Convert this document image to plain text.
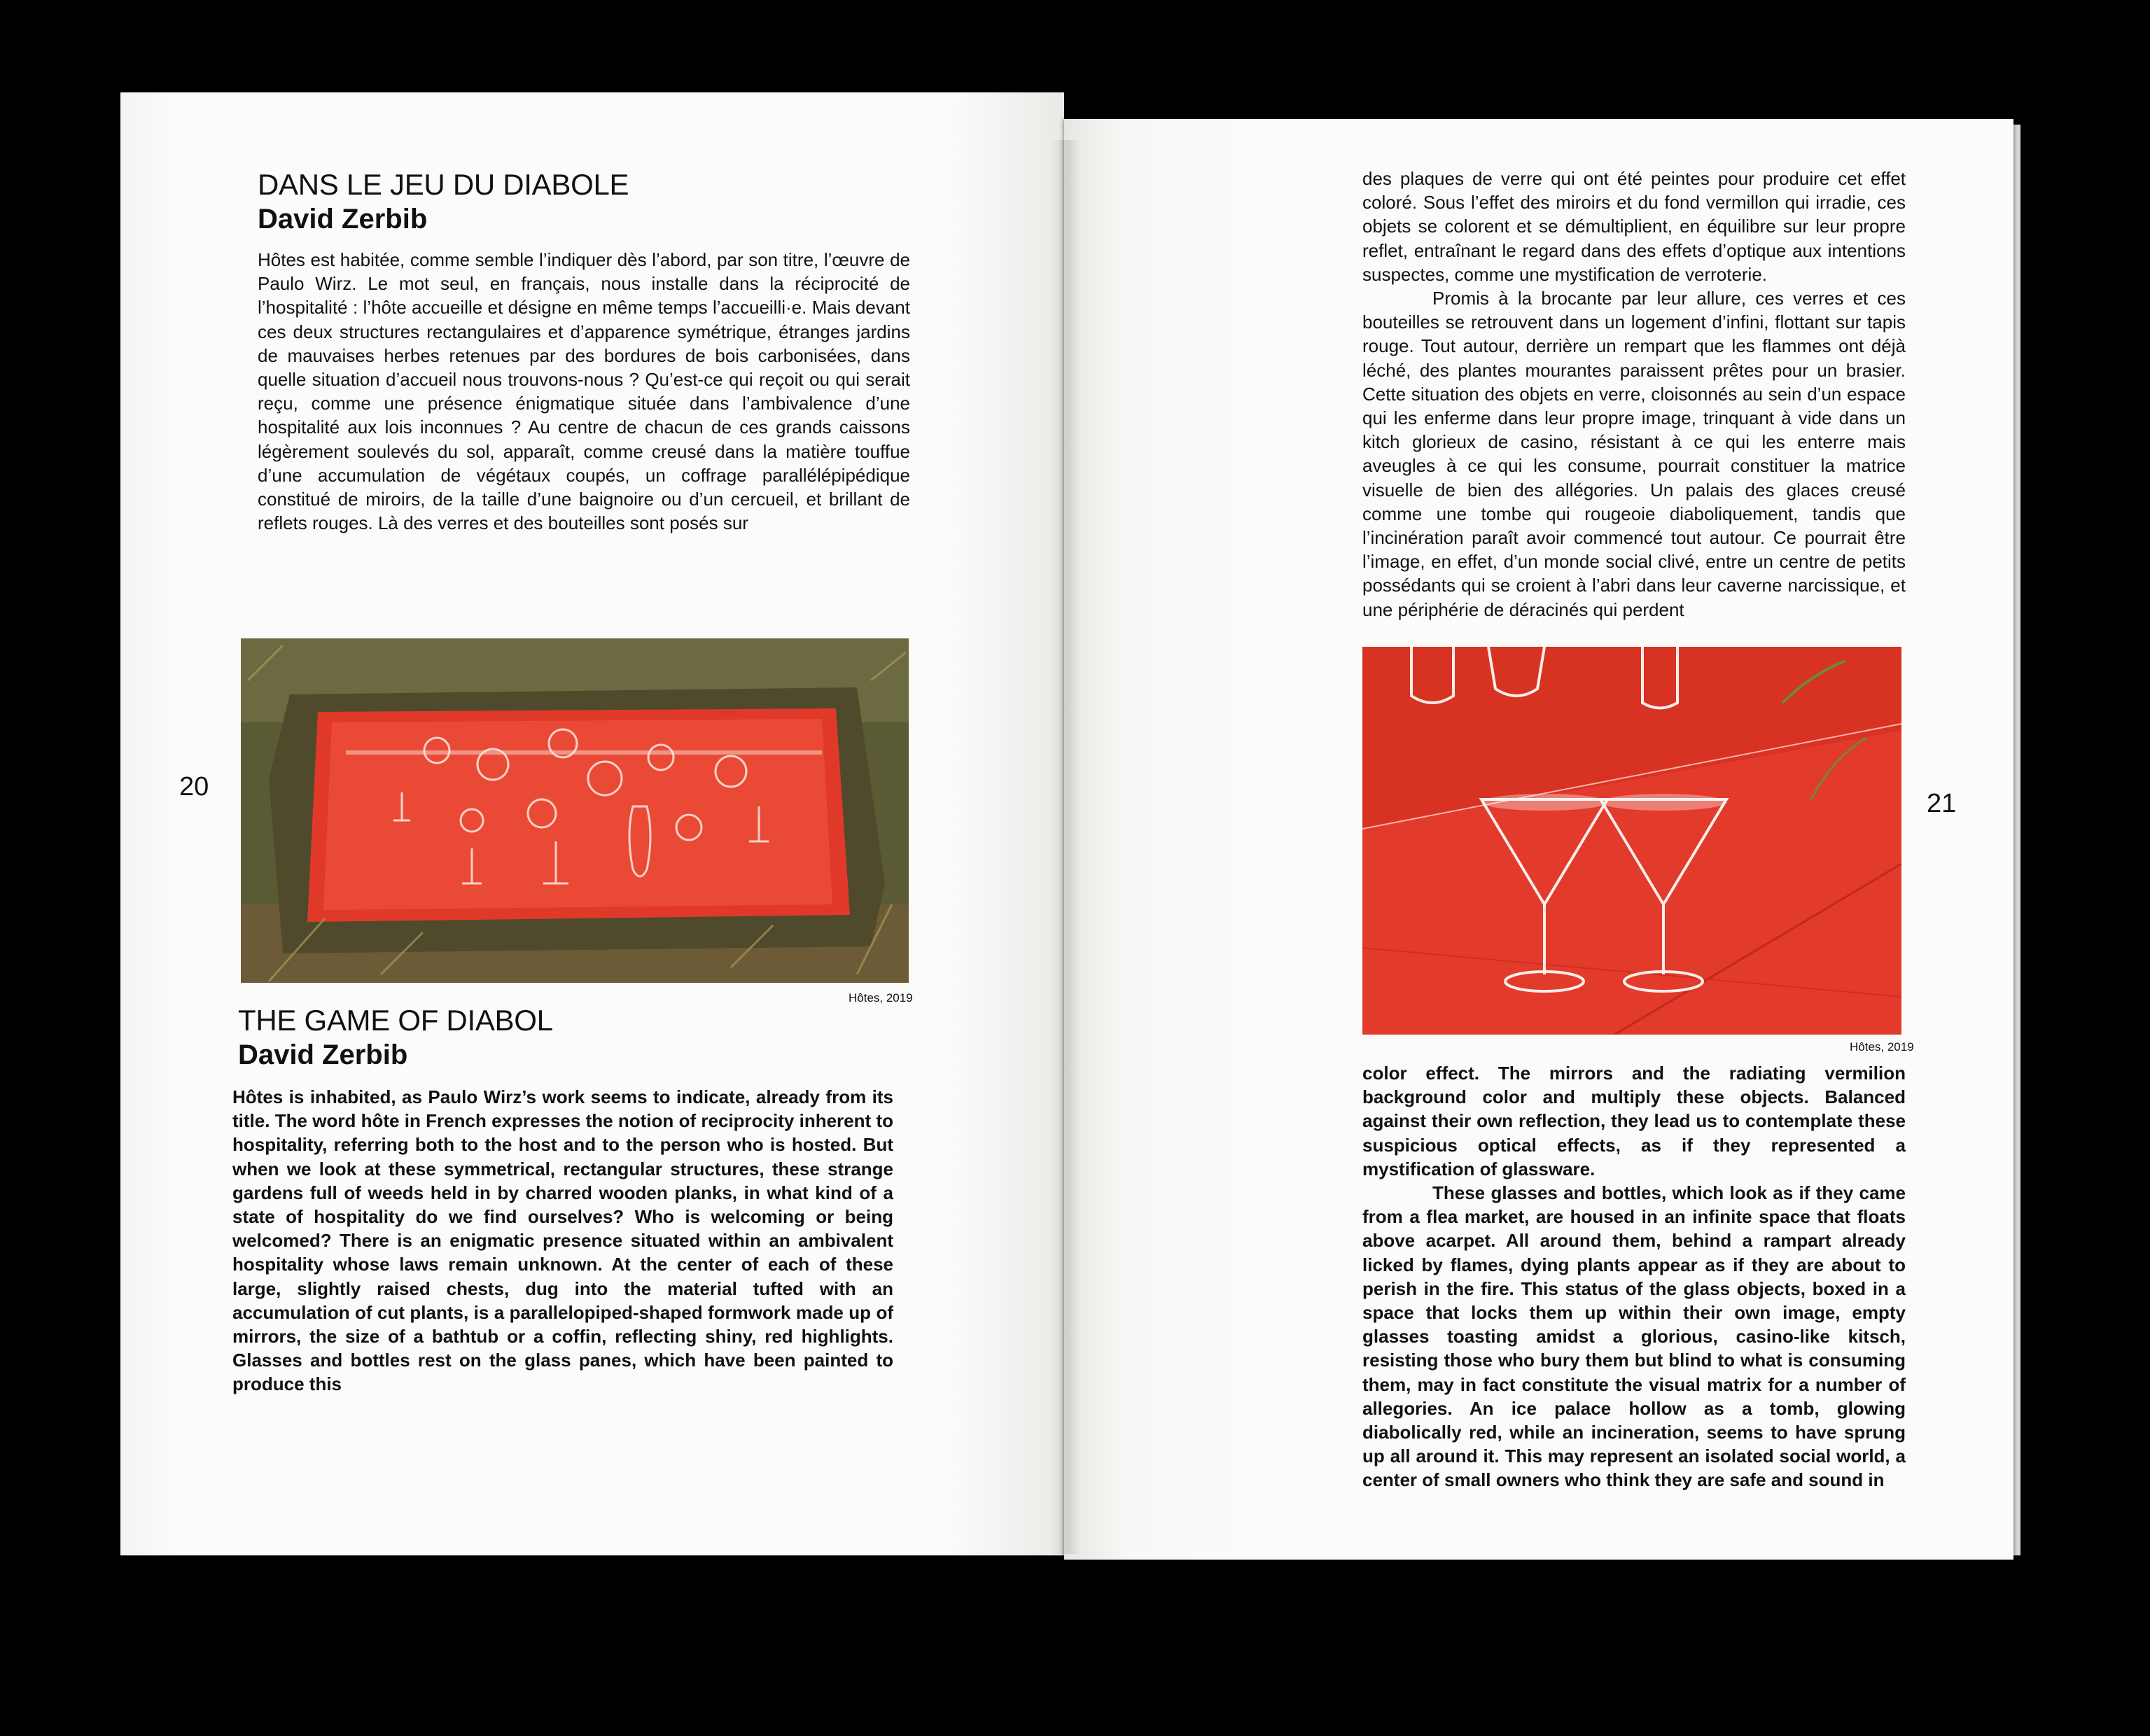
DANS LE JEU DU DIABOLE
David Zerbib

Hôtes est habitée, comme semble l’indiquer dès l’abord, par son titre, l’œuvre de Paulo Wirz. Le mot seul, en français, nous installe dans la réciprocité de l’hospitalité : l’hôte accueille et désigne en même temps l’accueilli·e. Mais devant ces deux structures rectangulaires et d’apparence symétrique, étranges jardins de mauvaises herbes retenues par des bordures de bois carbonisées, dans quelle situation d’accueil nous trouvons-nous ? Qu’est-ce qui reçoit ou qui serait reçu, comme une présence énigmatique située dans l’ambivalence d’une hospitalité aux lois inconnues ? Au centre de chacun de ces grands caissons légèrement soulevés du sol, apparaît, comme creusé dans la matière touffue d’une accumulation de végétaux coupés, un coffrage parallélépipédique constitué de miroirs, de la taille d’une baignoire ou d’un cercueil, et brillant de reflets rouges. Là des verres et des bouteilles sont posés sur

Hôtes, 2019
20
THE GAME OF DIABOL
David Zerbib

Hôtes is inhabited, as Paulo Wirz’s work seems to indicate, already from its title. The word hôte in French expresses the notion of reciprocity inherent to hospitality, referring both to the host and to the person who is hosted. But when we look at these symmetrical, rectangular structures, these strange gardens full of weeds held in by charred wooden planks, in what kind of a state of hospitality do we find ourselves? Who is welcoming or being welcomed? There is an enigmatic presence situated within an ambivalent hospitality whose laws remain unknown. At the center of each of these large, slightly raised chests, dug into the material tufted with an accumulation of cut plants, is a parallelopiped-shaped formwork made up of mirrors, the size of a bathtub or a coffin, reflecting shiny, red highlights. Glasses and bottles rest on the glass panes, which have been painted to produce this

des plaques de verre qui ont été peintes pour produire cet effet coloré. Sous l’effet des miroirs et du fond vermillon qui irradie, ces objets se colorent et se démultiplient, en équilibre sur leur propre reflet, entraînant le regard dans des effets d’optique aux intentions suspectes, comme une mystification de verroterie.

Promis à la brocante par leur allure, ces verres et ces bouteilles se retrouvent dans un logement d’infini, flottant sur tapis rouge. Tout autour, derrière un rempart que les flammes ont déjà léché, des plantes mourantes paraissent prêtes pour un brasier. Cette situation des objets en verre, cloisonnés au sein d’un espace qui les enferme dans leur propre image, trinquant à vide dans un kitch glorieux de casino, résistant à ce qui les enterre mais aveugles à ce qui les consume, pourrait constituer la matrice visuelle de bien des allégories. Un palais des glaces creusé comme une tombe qui rougeoie diaboliquement, tandis que l’incinération paraît avoir commencé tout autour. Ce pourrait être l’image, en effet, d’un monde social clivé, entre un centre de petits possédants qui se croient à l’abri dans leur caverne narcissique, et une périphérie de déracinés qui perdent

Hôtes, 2019
21

color effect. The mirrors and the radiating vermilion background color and multiply these objects. Balanced against their own reflection, they lead us to contemplate these suspicious optical effects, as if they represented a mystification of glassware.

These glasses and bottles, which look as if they came from a flea market, are housed in an infinite space that floats above acarpet. All around them, behind a rampart already licked by flames, dying plants appear as if they are about to perish in the fire. This status of the glass objects, boxed in a space that locks them up within their own image, empty glasses toasting amidst a glorious, casino-like kitsch, resisting those who bury them but blind to what is consuming them, may in fact constitute the visual matrix for a number of allegories. An ice palace hollow as a tomb, glowing diabolically red, while an incineration, seems to have sprung up all around it. This may represent an isolated social world, a center of small owners who think they are safe and sound in
